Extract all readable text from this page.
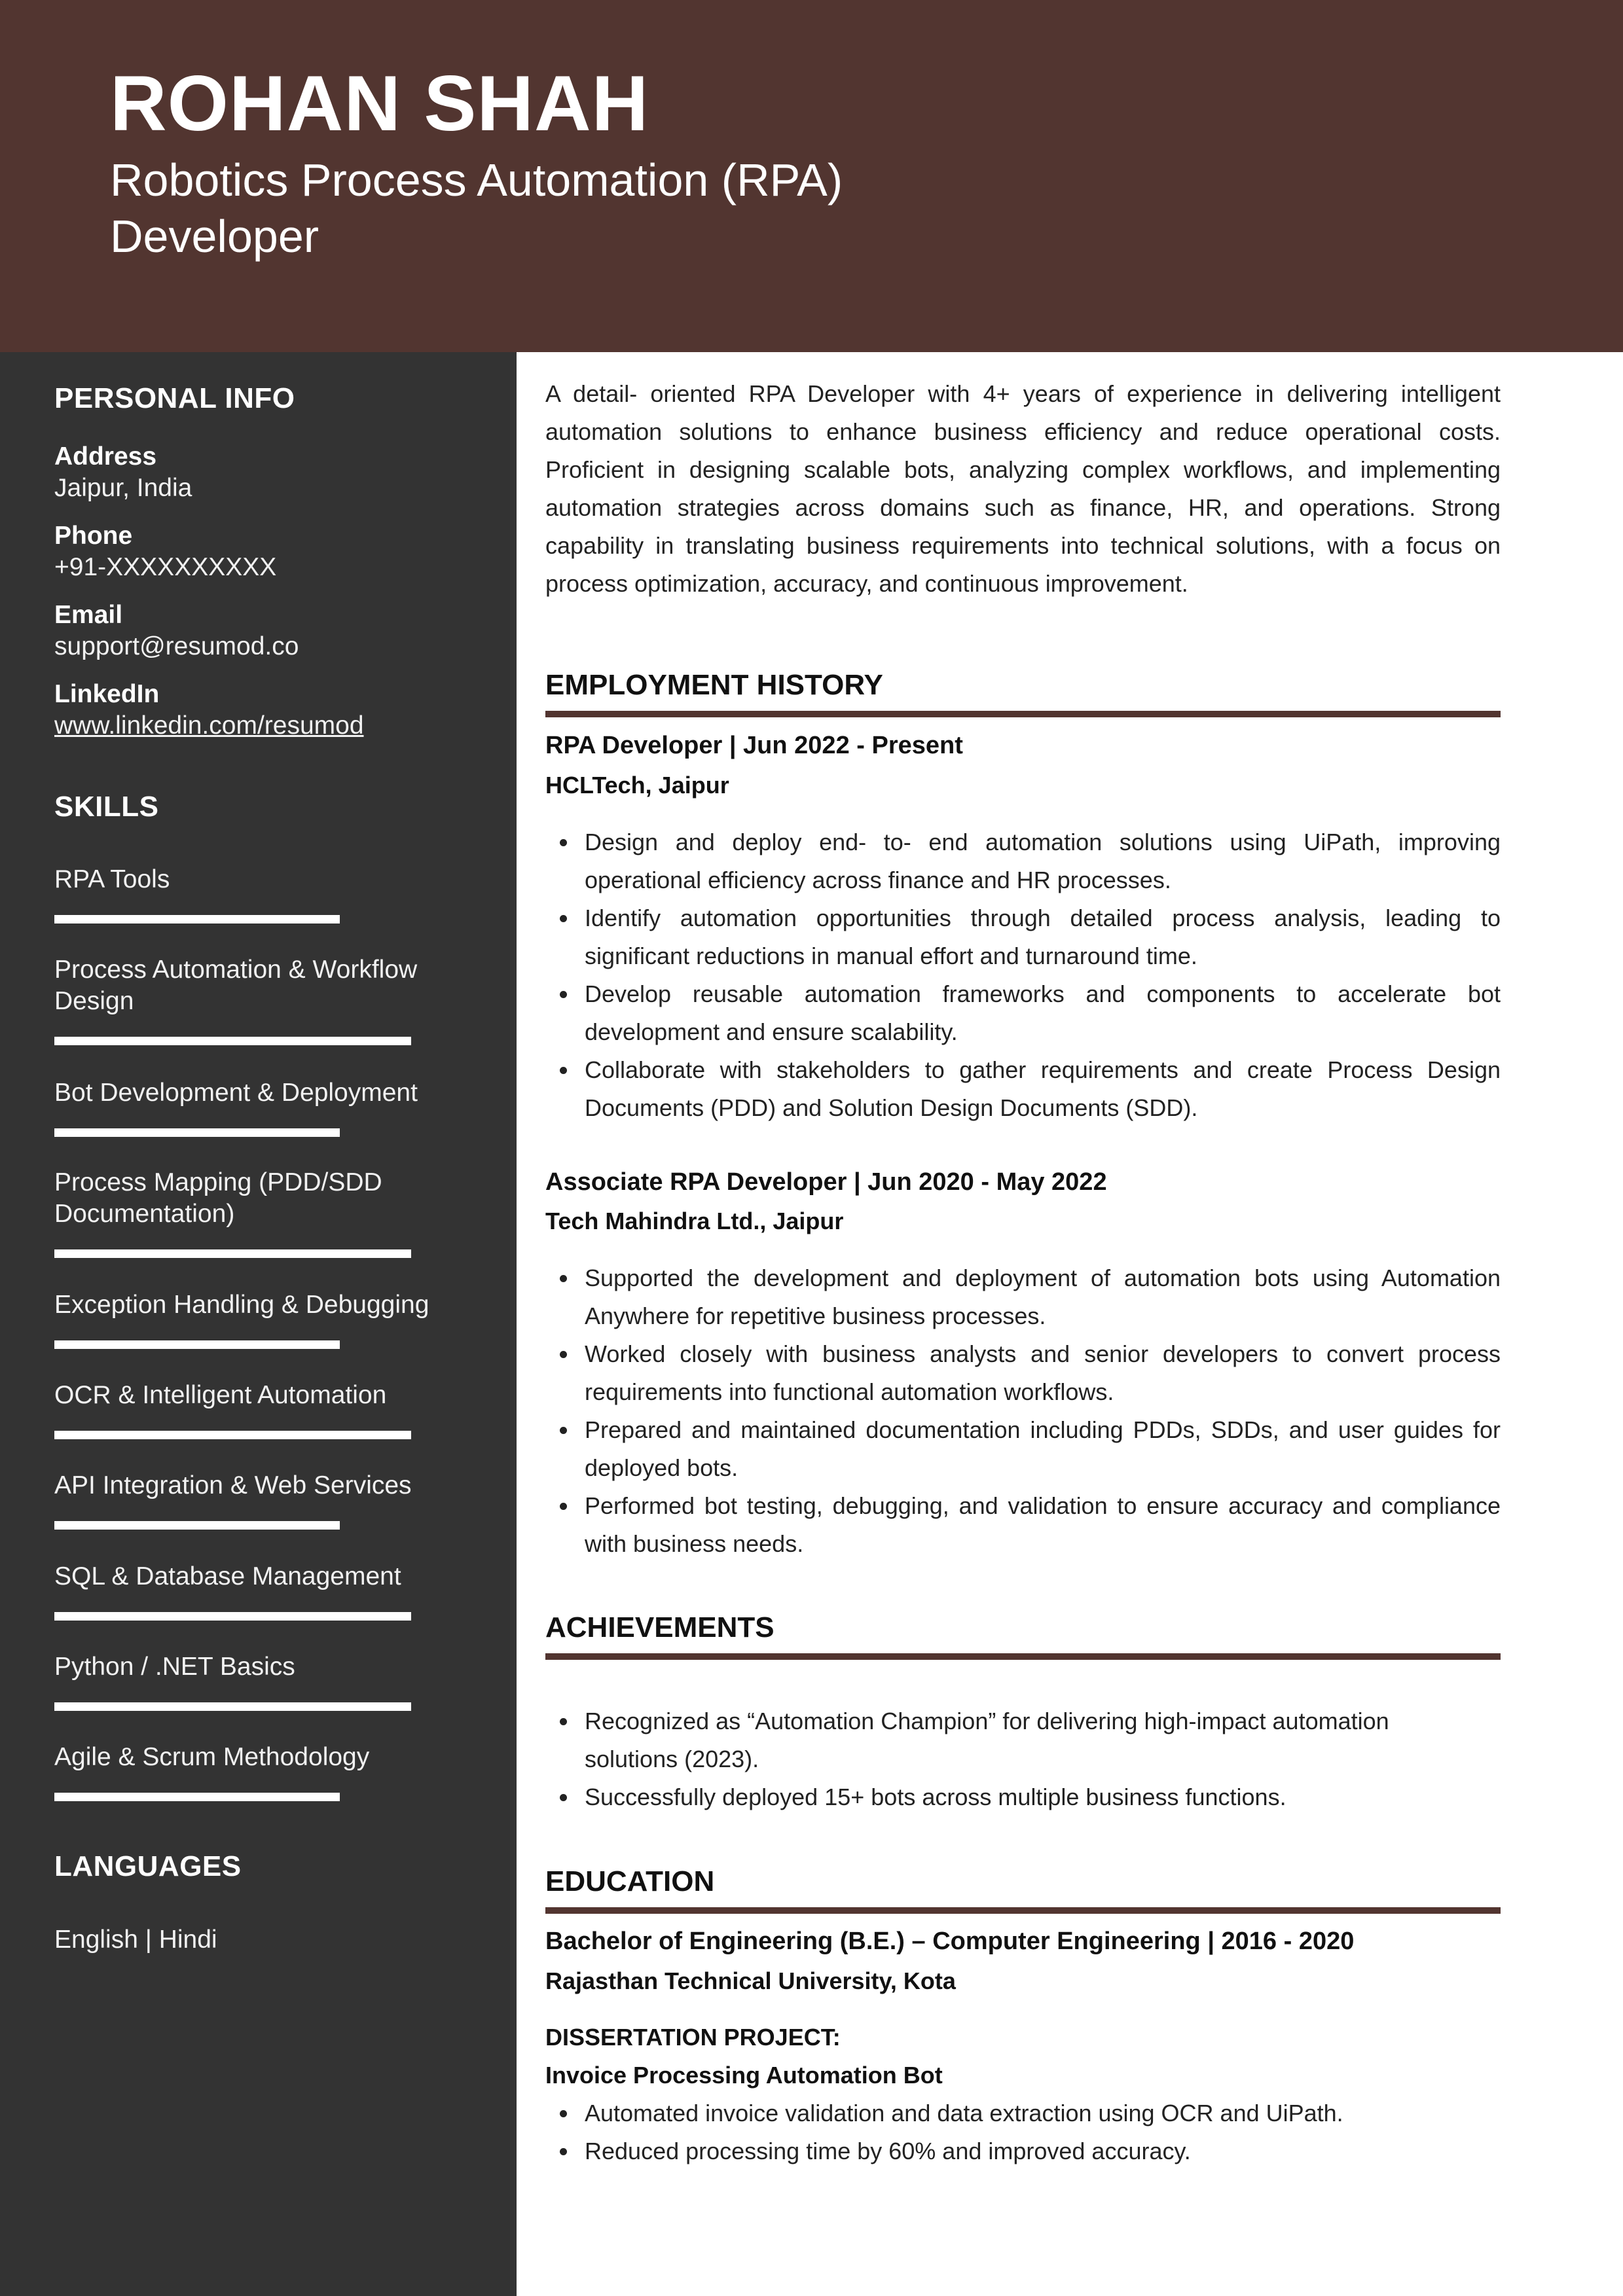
ROHAN SHAH
Robotics Process Automation (RPA) Developer
PERSONAL INFO
Address
Jaipur, India
Phone
+91-XXXXXXXXXX
Email
support@resumod.co
LinkedIn
www.linkedin.com/resumod
SKILLS
RPA Tools
Process Automation & Workflow Design
Bot Development & Deployment
Process Mapping (PDD/SDD Documentation)
Exception Handling & Debugging
OCR & Intelligent Automation
API Integration & Web Services
SQL & Database Management
Python / .NET Basics
Agile & Scrum Methodology
LANGUAGES
English | Hindi
A detail- oriented RPA Developer with 4+ years of experience in delivering intelligent automation solutions to enhance business efficiency and reduce operational costs. Proficient in designing scalable bots, analyzing complex workflows, and implementing automation strategies across domains such as finance, HR, and operations. Strong capability in translating business requirements into technical solutions, with a focus on process optimization, accuracy, and continuous improvement.
EMPLOYMENT HISTORY
RPA Developer | Jun 2022 - Present
HCLTech, Jaipur
Design and deploy end- to- end automation solutions using UiPath, improving operational efficiency across finance and HR processes.
Identify automation opportunities through detailed process analysis, leading to significant reductions in manual effort and turnaround time.
Develop reusable automation frameworks and components to accelerate bot development and ensure scalability.
Collaborate with stakeholders to gather requirements and create Process Design Documents (PDD) and Solution Design Documents (SDD).
Associate RPA Developer | Jun 2020 - May 2022
Tech Mahindra Ltd., Jaipur
Supported the development and deployment of automation bots using Automation Anywhere for repetitive business processes.
Worked closely with business analysts and senior developers to convert process requirements into functional automation workflows.
Prepared and maintained documentation including PDDs, SDDs, and user guides for deployed bots.
Performed bot testing, debugging, and validation to ensure accuracy and compliance with business needs.
ACHIEVEMENTS
Recognized as “Automation Champion” for delivering high-impact automation solutions (2023).
Successfully deployed 15+ bots across multiple business functions.
EDUCATION
Bachelor of Engineering (B.E.) – Computer Engineering | 2016 - 2020
Rajasthan Technical University, Kota
DISSERTATION PROJECT:
Invoice Processing Automation Bot
Automated invoice validation and data extraction using OCR and UiPath.
Reduced processing time by 60% and improved accuracy.
